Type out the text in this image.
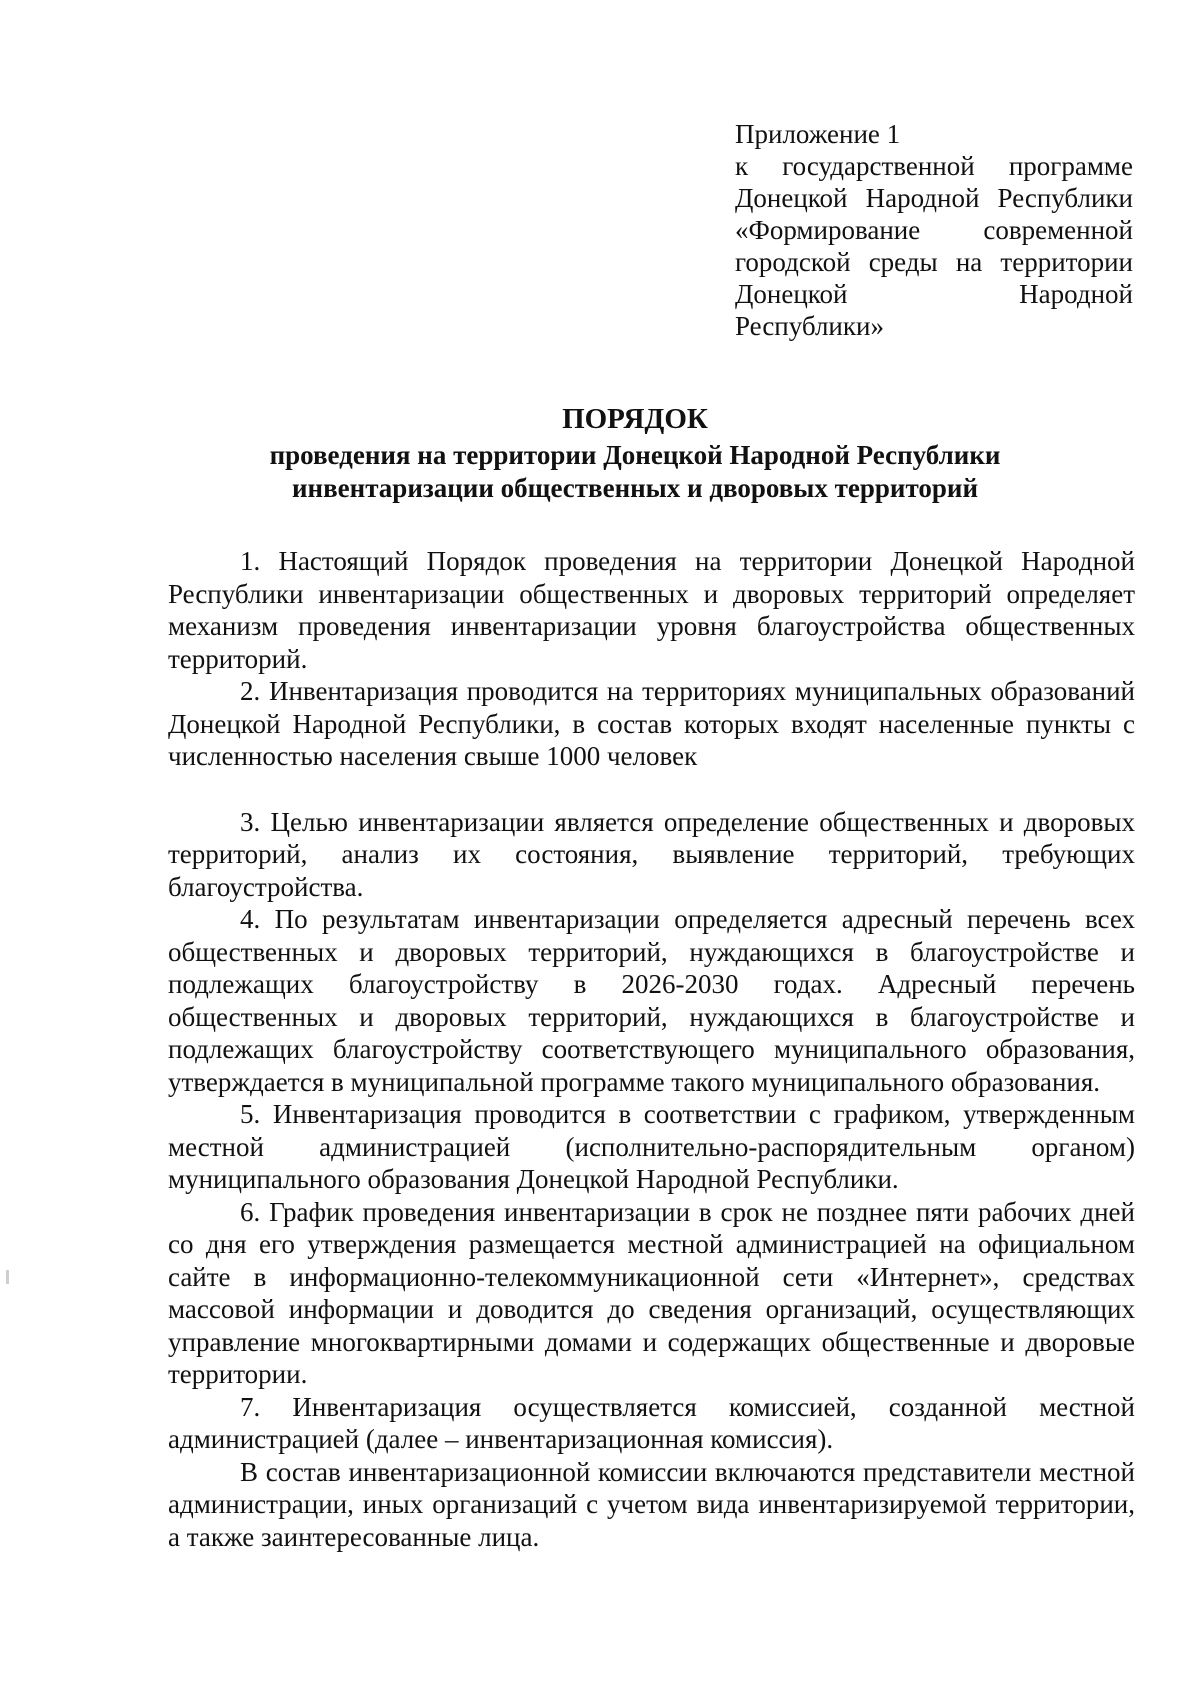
Приложение 1
к государственной программе
Донецкой Народной Республики
«Формирование современной
городской среды на территории
Донецкой Народной
Республики»
ПОРЯДОК
проведения на территории Донецкой Народной Республики
инвентаризации общественных и дворовых территорий

1. Настоящий Порядок проведения на территории Донецкой Народной Республики инвентаризации общественных и дворовых территорий определяет механизм проведения инвентаризации уровня благоустройства общественных территорий.

2. Инвентаризация проводится на территориях муниципальных образований Донецкой Народной Республики, в состав которых входят населенные пункты с численностью населения свыше 1000 человек

3. Целью инвентаризации является определение общественных и дворовых территорий, анализ их состояния, выявление территорий, требующих благоустройства.

4. По результатам инвентаризации определяется адресный перечень всех общественных и дворовых территорий, нуждающихся в благоустройстве и подлежащих благоустройству в 2026-2030 годах. Адресный перечень общественных и дворовых территорий, нуждающихся в благоустройстве и подлежащих благоустройству соответствующего муниципального образования, утверждается в муниципальной программе такого муниципального образования.

5. Инвентаризация проводится в соответствии с графиком, утвержденным местной администрацией (исполнительно-распорядительным органом) муниципального образования Донецкой Народной Республики.

6. График проведения инвентаризации в срок не позднее пяти рабочих дней со дня его утверждения размещается местной администрацией на официальном сайте в информационно-телекоммуникационной сети «Интернет», средствах массовой информации и доводится до сведения организаций, осуществляющих управление многоквартирными домами и содержащих общественные и дворовые территории.

7. Инвентаризация осуществляется комиссией, созданной местной администрацией (далее – инвентаризационная комиссия).

В состав инвентаризационной комиссии включаются представители местной администрации, иных организаций с учетом вида инвентаризируемой территории, а также заинтересованные лица.
